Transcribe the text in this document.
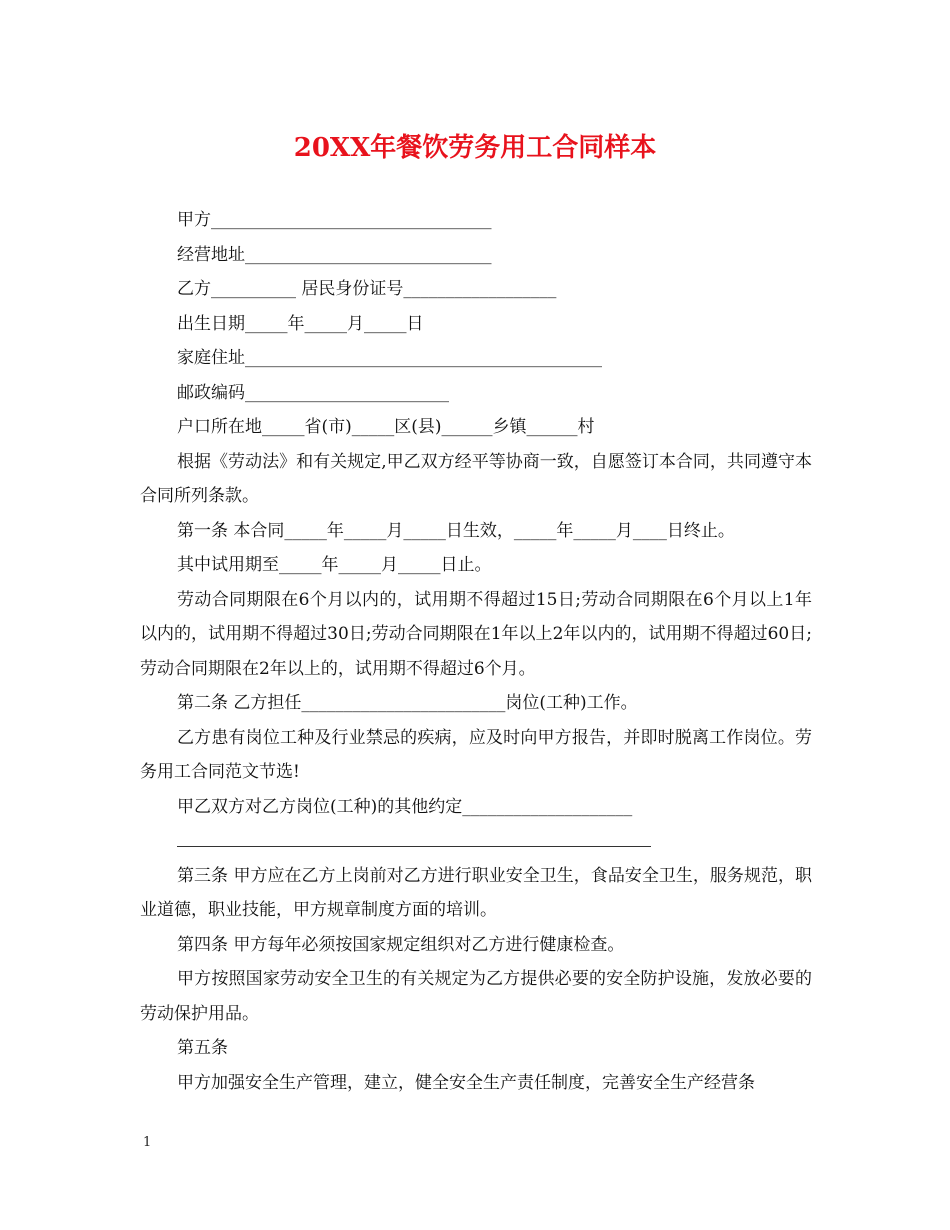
20XX年餐饮劳务用工合同样本
甲方_________________________________
经营地址_____________________________
乙方__________ 居民身份证号__________________
出生日期_____年_____月_____日
家庭住址__________________________________________
邮政编码________________________
户口所在地_____省(市)_____区(县)______乡镇______村
根据《劳动法》和有关规定,甲乙双方经平等协商一致，自愿签订本合同，共同遵守本合同所列条款。
第一条 本合同_____年_____月_____日生效，_____年_____月____日终止。
其中试用期至_____年_____月_____日止。
劳动合同期限在6个月以内的，试用期不得超过15日;劳动合同期限在6个月以上1年以内的，试用期不得超过30日;劳动合同期限在1年以上2年以内的，试用期不得超过60日;劳动合同期限在2年以上的，试用期不得超过6个月。
第二条 乙方担任________________________岗位(工种)工作。
乙方患有岗位工种及行业禁忌的疾病，应及时向甲方报告，并即时脱离工作岗位。劳务用工合同范文节选!
甲乙双方对乙方岗位(工种)的其他约定____________________
第三条 甲方应在乙方上岗前对乙方进行职业安全卫生，食品安全卫生，服务规范，职业道德，职业技能，甲方规章制度方面的培训。
第四条 甲方每年必须按国家规定组织对乙方进行健康检查。
甲方按照国家劳动安全卫生的有关规定为乙方提供必要的安全防护设施，发放必要的劳动保护用品。
第五条
甲方加强安全生产管理，建立，健全安全生产责任制度，完善安全生产经营条
1
